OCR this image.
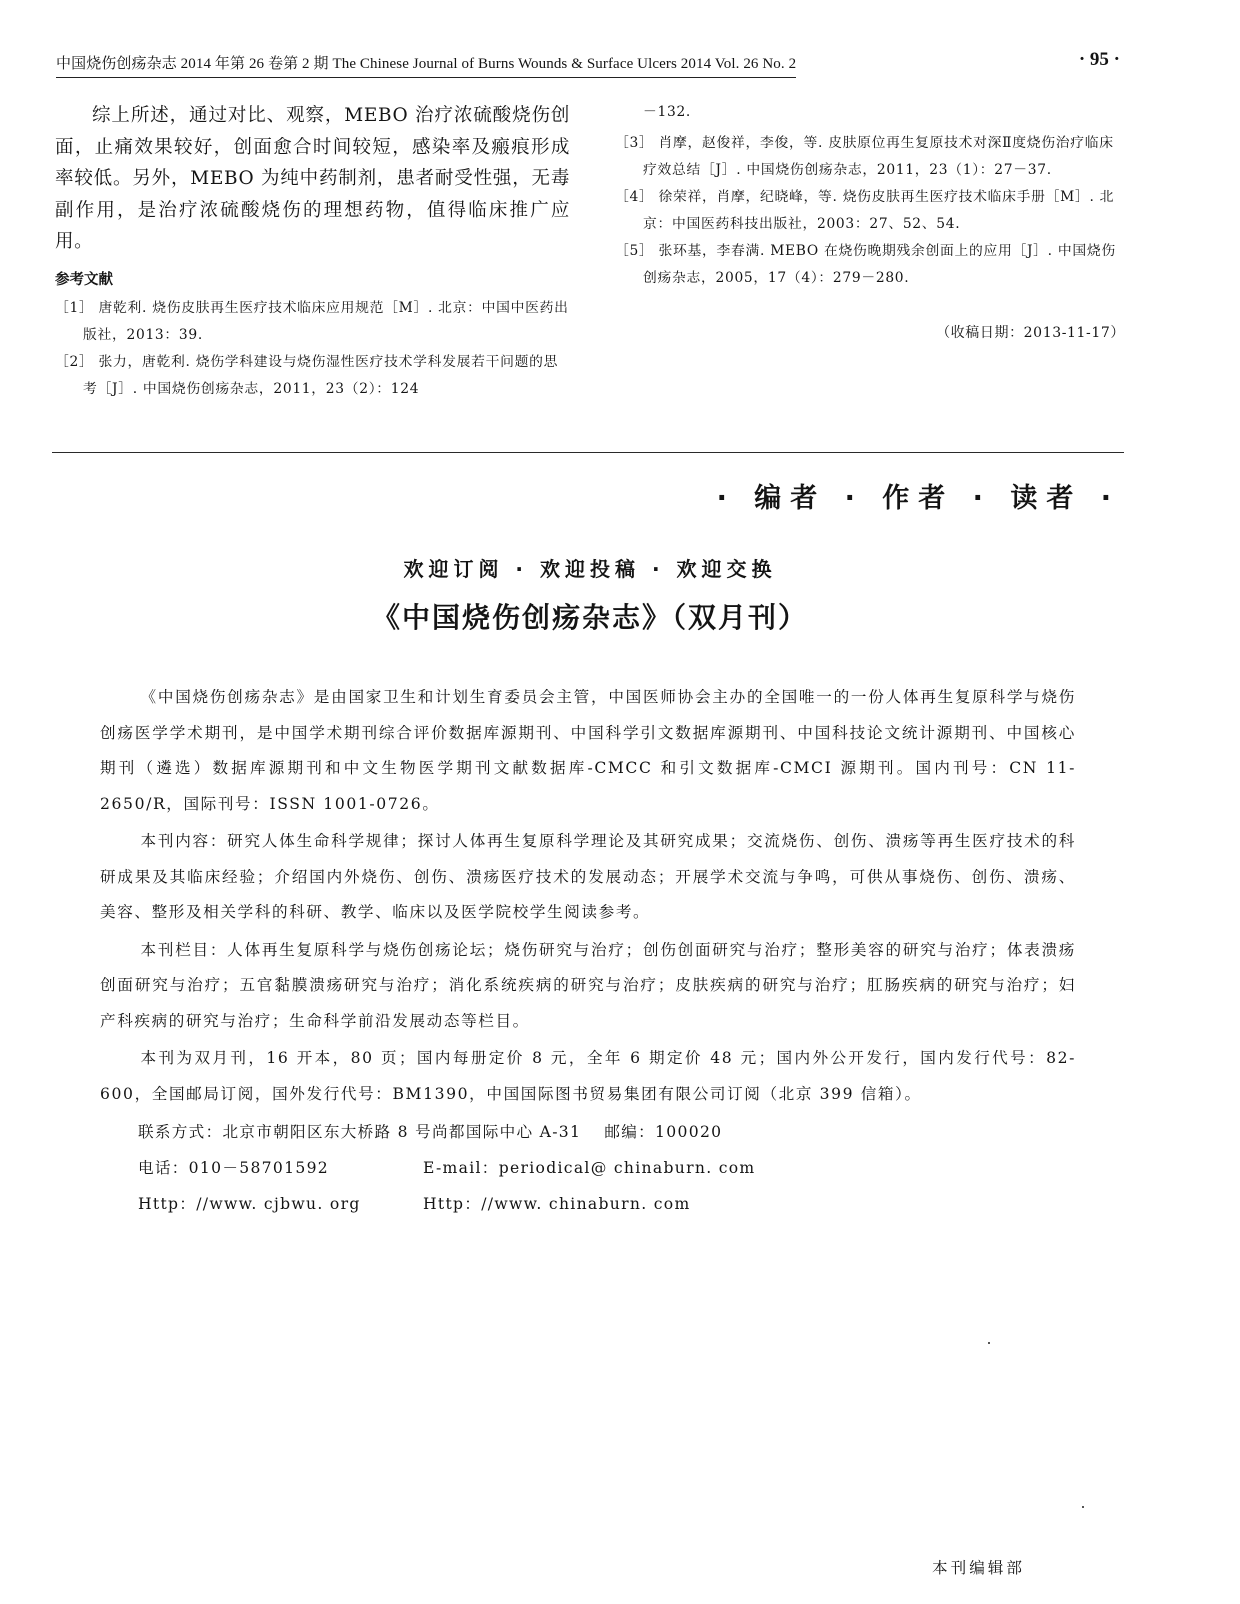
中国烧伤创疡杂志 2014 年第 26 卷第 2 期 The Chinese Journal of Burns Wounds & Surface Ulcers 2014 Vol. 26 No. 2	· 95 ·

综上所述，通过对比、观察，MEBO 治疗浓硫酸烧伤创面，止痛效果较好，创面愈合时间较短，感染率及瘢痕形成率较低。另外，MEBO 为纯中药制剂，患者耐受性强，无毒副作用，是治疗浓硫酸烧伤的理想药物，值得临床推广应用。

参考文献

［1］ 唐乾利. 烧伤皮肤再生医疗技术临床应用规范［M］. 北京：中国中医药出版社，2013：39.

［2］ 张力，唐乾利. 烧伤学科建设与烧伤湿性医疗技术学科发展若干问题的思考［J］. 中国烧伤创疡杂志，2011，23（2）：124

－132.

［3］ 肖摩，赵俊祥，李俊，等. 皮肤原位再生复原技术对深Ⅱ度烧伤治疗临床疗效总结［J］. 中国烧伤创疡杂志，2011，23（1）：27－37.

［4］ 徐荣祥，肖摩，纪晓峰，等. 烧伤皮肤再生医疗技术临床手册［M］. 北京：中国医药科技出版社，2003：27、52、54.

［5］ 张环基，李春满. MEBO 在烧伤晚期残余创面上的应用［J］. 中国烧伤创疡杂志，2005，17（4）：279－280.

（收稿日期：2013-11-17）
· 编者 · 作者 · 读者 ·
欢迎订阅 · 欢迎投稿 · 欢迎交换
《中国烧伤创疡杂志》（双月刊）

《中国烧伤创疡杂志》是由国家卫生和计划生育委员会主管，中国医师协会主办的全国唯一的一份人体再生复原科学与烧伤创疡医学学术期刊，是中国学术期刊综合评价数据库源期刊、中国科学引文数据库源期刊、中国科技论文统计源期刊、中国核心期刊（遴选）数据库源期刊和中文生物医学期刊文献数据库-CMCC 和引文数据库-CMCI 源期刊。国内刊号：CN 11-2650/R，国际刊号：ISSN 1001-0726。

本刊内容：研究人体生命科学规律；探讨人体再生复原科学理论及其研究成果；交流烧伤、创伤、溃疡等再生医疗技术的科研成果及其临床经验；介绍国内外烧伤、创伤、溃疡医疗技术的发展动态；开展学术交流与争鸣，可供从事烧伤、创伤、溃疡、美容、整形及相关学科的科研、教学、临床以及医学院校学生阅读参考。

本刊栏目：人体再生复原科学与烧伤创疡论坛；烧伤研究与治疗；创伤创面研究与治疗；整形美容的研究与治疗；体表溃疡创面研究与治疗；五官黏膜溃疡研究与治疗；消化系统疾病的研究与治疗；皮肤疾病的研究与治疗；肛肠疾病的研究与治疗；妇产科疾病的研究与治疗；生命科学前沿发展动态等栏目。

本刊为双月刊，16 开本，80 页；国内每册定价 8 元，全年 6 期定价 48 元；国内外公开发行，国内发行代号：82-600，全国邮局订阅，国外发行代号：BM1390，中国国际图书贸易集团有限公司订阅（北京 399 信箱）。

联系方式：北京市朝阳区东大桥路 8 号尚都国际中心 A-31　 邮编：100020

电话：010－58701592	E-mail：periodical@ chinaburn. com
Http：//www. cjbwu. org	Http：//www. chinaburn. com
本刊编辑部
